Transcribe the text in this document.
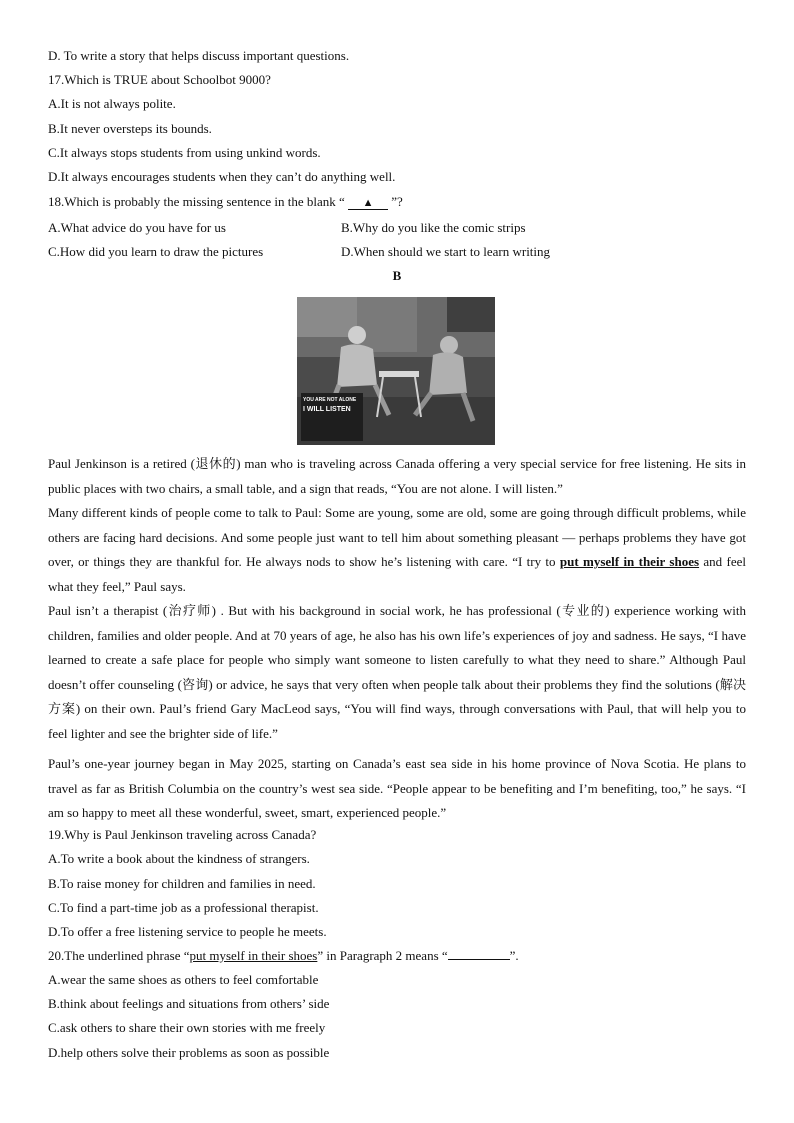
D. To write a story that helps discuss important questions.
17.Which is TRUE about Schoolbot 9000?
A.It is not always polite.
B.It never oversteps its bounds.
C.It always stops students from using unkind words.
D.It always encourages students when they can’t do anything well.
18.Which is probably the missing sentence in the blank “ ▲ ”?
A.What advice do you have for us	B.Why do you like the comic strips
C.How did you learn to draw the pictures	D.When should we start to learn writing
B
YOU ARE NOT ALONE
I WILL LISTEN
Paul Jenkinson is a retired (退休的) man who is traveling across Canada offering a very special service for free listening. He sits in public places with two chairs, a small table, and a sign that reads, “You are not alone. I will listen.”
Many different kinds of people come to talk to Paul: Some are young, some are old, some are going through difficult problems, while others are facing hard decisions. And some people just want to tell him about something pleasant — perhaps problems they have got over, or things they are thankful for. He always nods to show he’s listening with care. “I try to put myself in their shoes and feel what they feel,” Paul says.
Paul isn’t a therapist (治疗师) . But with his background in social work, he has professional (专业的) experience working with children, families and older people. And at 70 years of age, he also has his own life’s experiences of joy and sadness. He says, “I have learned to create a safe place for people who simply want someone to listen carefully to what they need to share.” Although Paul doesn’t offer counseling (咨询) or advice, he says that very often when people talk about their problems they find the solutions (解决方案) on their own. Paul’s friend Gary MacLeod says, “You will find ways, through conversations with Paul, that will help you to feel lighter and see the brighter side of life.”
Paul’s one-year journey began in May 2025, starting on Canada’s east sea side in his home province of Nova Scotia. He plans to travel as far as British Columbia on the country’s west sea side. “People appear to be benefiting and I’m benefiting, too,” he says. “I am so happy to meet all these wonderful, sweet, smart, experienced people.”
19.Why is Paul Jenkinson traveling across Canada?
A.To write a book about the kindness of strangers.
B.To raise money for children and families in need.
C.To find a part-time job as a professional therapist.
D.To offer a free listening service to people he meets.
20.The underlined phrase “put myself in their shoes” in Paragraph 2 means “	”.
A.wear the same shoes as others to feel comfortable
B.think about feelings and situations from others’ side
C.ask others to share their own stories with me freely
D.help others solve their problems as soon as possible
